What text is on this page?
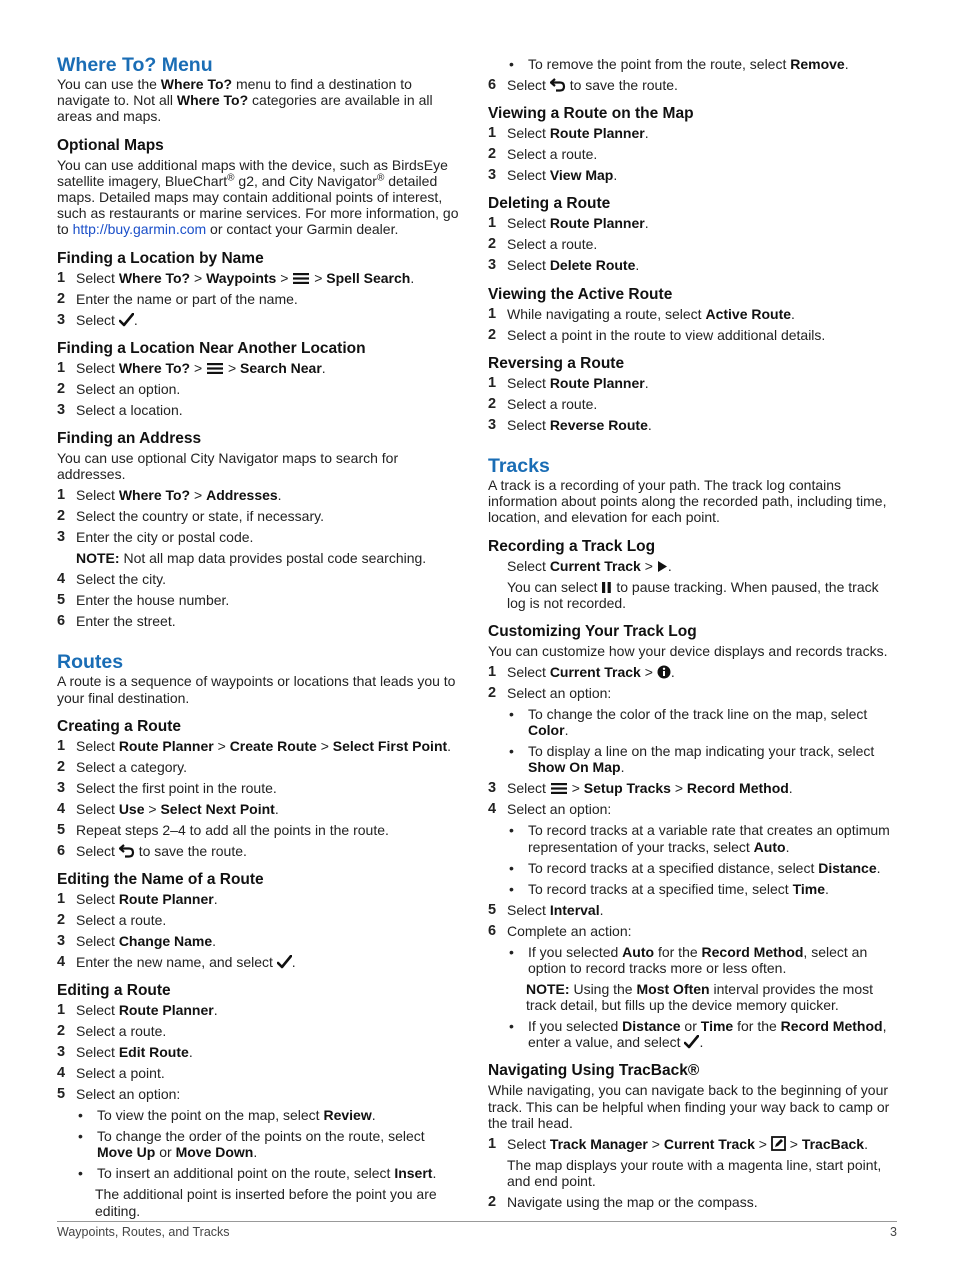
Where To? Menu

You can use the Where To? menu to find a destination to navigate to. Not all Where To? categories are available in all areas and maps.

Optional Maps

You can use additional maps with the device, such as BirdsEye satellite imagery, BlueChart® g2, and City Navigator® detailed maps. Detailed maps may contain additional points of interest, such as restaurants or marine services. For more information, go to http://buy.garmin.com or contact your Garmin dealer.

Finding a Location by Name
1 Select Where To? > Waypoints >  > Spell Search.
2 Enter the name or part of the name.
3 Select .
Finding a Location Near Another Location
1 Select Where To? >  > Search Near.
2 Select an option.
3 Select a location.
Finding an Address

You can use optional City Navigator maps to search for addresses.

1 Select Where To? > Addresses.
2 Select the country or state, if necessary.
3 Enter the city or postal code.
NOTE: Not all map data provides postal code searching.
4 Select the city.
5 Enter the house number.
6 Enter the street.
Routes

A route is a sequence of waypoints or locations that leads you to your final destination.

Creating a Route
1 Select Route Planner > Create Route > Select First Point.
2 Select a category.
3 Select the first point in the route.
4 Select Use > Select Next Point.
5 Repeat steps 2–4 to add all the points in the route.
6 Select  to save the route.
Editing the Name of a Route
1 Select Route Planner.
2 Select a route.
3 Select Change Name.
4 Enter the new name, and select .
Editing a Route
1 Select Route Planner.
2 Select a route.
3 Select Edit Route.
4 Select a point.
5 Select an option:
•	To view the point on the map, select Review.
•	To change the order of the points on the route, select Move Up or Move Down.
•	To insert an additional point on the route, select Insert.
The additional point is inserted before the point you are editing.
•	To remove the point from the route, select Remove.
6 Select  to save the route.
Viewing a Route on the Map
1 Select Route Planner.
2 Select a route.
3 Select View Map.
Deleting a Route
1 Select Route Planner.
2 Select a route.
3 Select Delete Route.
Viewing the Active Route
1 While navigating a route, select Active Route.
2 Select a point in the route to view additional details.
Reversing a Route
1 Select Route Planner.
2 Select a route.
3 Select Reverse Route.
Tracks

A track is a recording of your path. The track log contains information about points along the recorded path, including time, location, and elevation for each point.

Recording a Track Log
Select Current Track > .
You can select  to pause tracking. When paused, the track log is not recorded.
Customizing Your Track Log

You can customize how your device displays and records tracks.

1 Select Current Track > .
2 Select an option:
•	To change the color of the track line on the map, select Color.
•	To display a line on the map indicating your track, select Show On Map.
3 Select  > Setup Tracks > Record Method.
4 Select an option:
•	To record tracks at a variable rate that creates an optimum representation of your tracks, select Auto.
•	To record tracks at a specified distance, select Distance.
•	To record tracks at a specified time, select Time.
5 Select Interval.
6 Complete an action:
•	If you selected Auto for the Record Method, select an option to record tracks more or less often.
NOTE: Using the Most Often interval provides the most track detail, but fills up the device memory quicker.
•	If you selected Distance or Time for the Record Method, enter a value, and select .
Navigating Using TracBack®

While navigating, you can navigate back to the beginning of your track. This can be helpful when finding your way back to camp or the trail head.

1 Select Track Manager > Current Track >  > TracBack.
The map displays your route with a magenta line, start point, and end point.
2 Navigate using the map or the compass.
Waypoints, Routes, and Tracks	3
